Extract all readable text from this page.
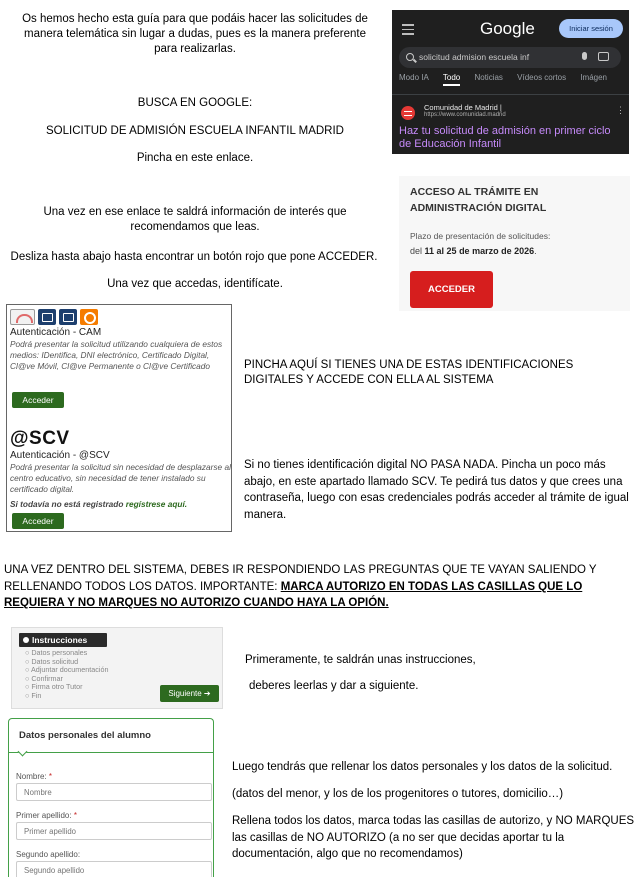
Os hemos hecho esta guía para que podáis hacer las solicitudes de
manera telemática sin lugar a dudas, pues es la manera preferente
para realizarlas.
BUSCA EN GOOGLE:
SOLICITUD DE ADMISIÓN ESCUELA INFANTIL MADRID
Pincha en este enlace.
Una vez en ese enlace te saldrá información de interés que
recomendamos que leas.
Desliza hasta abajo hasta encontrar un botón rojo que pone ACCEDER.
Una vez que accedas, identifícate.
Google	Iniciar sesión
solicitud admision escuela inf
Modo IA Todo Noticias Vídeos cortos Imágen
Comunidad de Madrid |
https://www.comunidad.madrid	⋮
Haz tu solicitud de admisión en primer ciclo de Educación Infantil
ACCESO AL TRÁMITE EN ADMINISTRACIÓN DIGITAL
Plazo de presentación de solicitudes:
del 11 al 25 de marzo de 2026.
ACCEDER
Autenticación - CAM
Podrá presentar la solicitud utilizando cualquiera de estos medios: IDentifica, DNI electrónico, Certificado Digital, Cl@ve Móvil, Cl@ve Permanente o Cl@ve Certificado
Acceder
@SCV
Autenticación - @SCV
Podrá presentar la solicitud sin necesidad de desplazarse al centro educativo, sin necesidad de tener instalado su certificado digital.
Si todavía no está registrado regístrese aquí.
Acceder
PINCHA AQUÍ SI TIENES UNA DE ESTAS IDENTIFICACIONES DIGITALES Y ACCEDE CON ELLA AL SISTEMA
Si no tienes identificación digital NO PASA NADA. Pincha un poco más abajo, en este apartado llamado SCV. Te pedirá tus datos y que crees una contraseña, luego con esas credenciales podrás acceder al trámite de igual manera.
UNA VEZ DENTRO DEL SISTEMA, DEBES IR RESPONDIENDO LAS PREGUNTAS QUE TE VAYAN SALIENDO Y RELLENANDO TODOS LOS DATOS. IMPORTANTE: MARCA AUTORIZO EN TODAS LAS CASILLAS QUE LO REQUIERA Y NO MARQUES NO AUTORIZO CUANDO HAYA LA OPIÓN.
Instrucciones
○ Datos personales
○ Datos solicitud
○ Adjuntar documentación
○ Confirmar
○ Firma otro Tutor
○ Fin	Siguiente ➔
Primeramente, te saldrán unas instrucciones,
deberes leerlas y dar a siguiente.
Datos personales del alumno
Nombre: *
Nombre
Primer apellido: *
Primer apellido
Segundo apellido:
Segundo apellido
Luego tendrás que rellenar los datos personales y los datos de la solicitud.
(datos del menor, y los de los progenitores o tutores, domicilio…)
Rellena todos los datos, marca todas las casillas de autorizo, y NO MARQUES las casillas de NO AUTORIZO (a no ser que decidas aportar tu la documentación, algo que no recomendamos)
